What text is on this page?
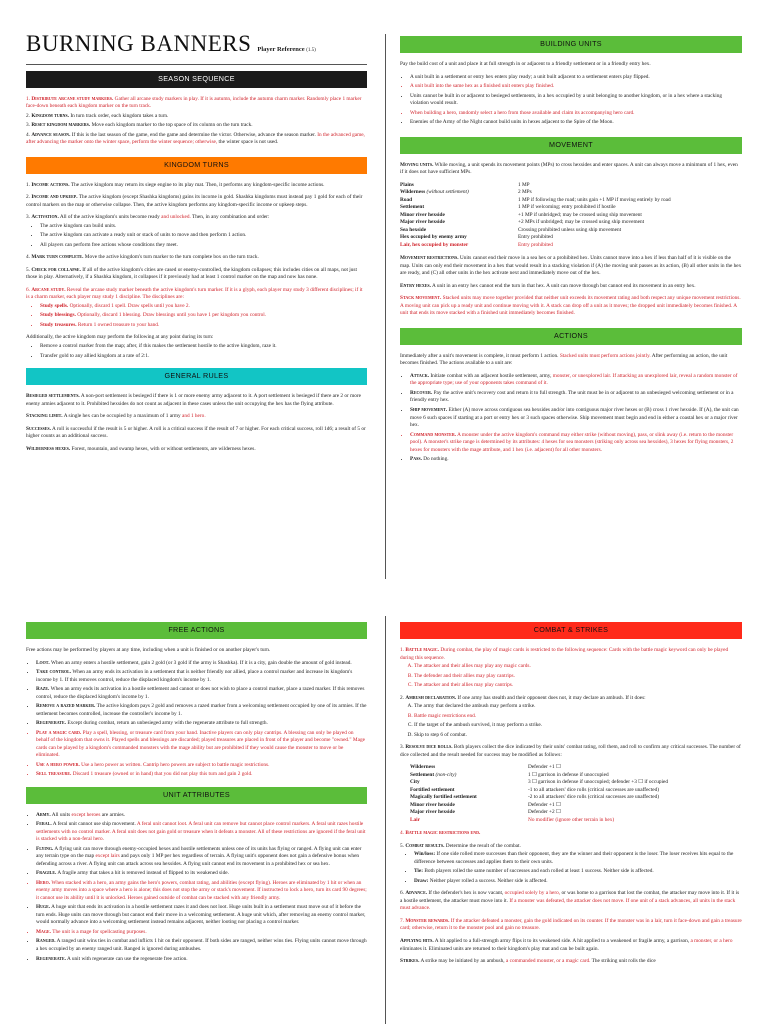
BURNING BANNERS Player Reference (1.5)
SEASON SEQUENCE
1. Distribute arcane study markers. Gather all arcane study markers in play. If it is autumn, include the autumn charm marker. Randomly place 1 marker face-down beneath each kingdom marker on the turn track.
2. Kingdom turns. In turn track order, each kingdom takes a turn.
3. Reset kingdom markers. Move each kingdom marker to the top space of its column on the turn track.
4. Advance season. If this is the last season of the game, end the game and determine the victor. Otherwise, advance the season marker. In the advanced game, after advancing the marker onto the winter space, perform the winter sequence; otherwise, the winter space is not used.
KINGDOM TURNS
1. Income actions. The active kingdom may return its siege engine to its play mat. Then, it performs any kingdom-specific income actions.
2. Income and upkeep. The active kingdom (except Shashka kingdoms) gains its income in gold. Shashka kingdoms must instead pay 1 gold for each of their control markers on the map or otherwise collapse. Then, the active kingdom performs any kingdom-specific income or upkeep steps.
3. Activation. All of the active kingdom's units become ready and unlocked. Then, in any combination and order:
• The active kingdom can build units.
• The active kingdom can activate a ready unit or stack of units to move and then perform 1 action.
• All players can perform free actions whose conditions they meet.
4. Mark turn complete. Move the active kingdom's turn marker to the turn complete box on the turn track.
5. Check for collapse. If all of the active kingdom's cities are cased or enemy-controlled, the kingdom collapses; this includes cities on all maps, not just those in play. Alternatively, if a Shashka kingdom, it collapses if it previously had at least 1 control marker on the map and now has none.
6. Arcane study. Reveal the arcane study marker beneath the active kingdom's turn marker. If it is a glyph, each player may study 3 different disciplines; if it is a charm marker, each player may study 1 discipline. The disciplines are:
• Study spells. Optionally, discard 1 spell. Draw spells until you have 2.
• Study blessings. Optionally, discard 1 blessing. Draw blessings until you have 1 per kingdom you control.
• Study treasures. Return 1 owned treasure to your hand.
Additionally, the active kingdom may perform the following at any point during its turn:
• Remove a control marker from the map; after, if this makes the settlement hostile to the active kingdom, raze it.
• Transfer gold to any allied kingdom at a rate of 2:1.
GENERAL RULES

Besieged settlements. A non-port settlement is besieged if there is 1 or more enemy army adjacent to it. A port settlement is besieged if there are 2 or more enemy armies adjacent to it. Prohibited hexsides do not count as adjacent in these cases unless the unit occupying the hex has the flying attribute.

Stacking limit. A single hex can be occupied by a maximum of 1 army and 1 hero.

Successes. A roll is successful if the result is 5 or higher. A roll is a critical success if the result of 7 or higher. For each critical success, roll 1d6; a result of 5 or higher counts as an additional success.

Wilderness hexes. Forest, mountain, and swamp hexes, with or without settlements, are wilderness hexes.

BUILDING UNITS

Pay the build cost of a unit and place it at full strength in or adjacent to a friendly settlement or in a friendly entry hex.

• A unit built in a settlement or entry hex enters play ready; a unit built adjacent to a settlement enters play flipped.
• A unit built into the same hex as a finished unit enters play finished.
• Units cannot be built in or adjacent to besieged settlements, in a hex occupied by a unit belonging to another kingdom, or in a hex where a stacking violation would result.
• When building a hero, randomly select a hero from those available and claim its accompanying hero card.
• Enemies of the Army of the Night cannot build units in hexes adjacent to the Spire of the Moon.
MOVEMENT

Moving units. While moving, a unit spends its movement points (MPs) to cross hexsides and enter spaces. A unit can always move a minimum of 1 hex, even if it does not have sufficient MPs.

Plains	1 MP
Wilderness (without settlement)	2 MPs
Road	1 MP if following the road; units gain +1 MP if moving entirely by road
Settlement	1 MP if welcoming; entry prohibited if hostile
Minor river hexside	+1 MP if unbridged; may be crossed using ship movement
Major river hexside	+2 MPs if unbridged; may be crossed using ship movement
Sea hexside	Crossing prohibited unless using ship movement
Hex occupied by enemy army	Entry prohibited
Lair, hex occupied by monster	Entry prohibited

Movement restrictions. Units cannot end their move in a sea hex or a prohibited hex. Units cannot move into a hex if less than half of it is visible on the map. Units can only end their movement in a hex that would result in a stacking violation if (A) the moving unit passes as its action, (B) all other units in the hex are ready, and (C) all other units in the hex activate next and immediately move out of the hex.

Entry hexes. A unit in an entry hex cannot end the turn in that hex. A unit can move through but cannot end its movement in an entry hex.

Stack movement. Stacked units may move together provided that neither unit exceeds its movement rating and both respect any unique movement restrictions. A moving unit can pick up a ready unit and continue moving with it. A stack can drop off a unit as it moves; the dropped unit immediately becomes finished. A unit that ends its move stacked with a finished unit immediately becomes finished.

ACTIONS

Immediately after a unit's movement is complete, it must perform 1 action. Stacked units must perform actions jointly. After performing an action, the unit becomes finished. The actions available to a unit are:

• Attack. Initiate combat with an adjacent hostile settlement, army, monster, or unexplored lair. If attacking an unexplored lair, reveal a random monster of the appropriate type; use of your opponents takes command of it.
• Recover. Pay the active unit's recovery cost and return it to full strength. The unit must be in or adjacent to an unbesieged welcoming settlement or in a friendly entry hex.
• Ship movement. Either (A) move across contiguous sea hexsides and/or into contiguous major river hexes or (B) cross 1 river hexside. If (A), the unit can move 6 such spaces if starting at a port or entry hex or 3 such spaces otherwise. Ship movement must begin and end in either a coastal hex or a major river hex.
• Command monster. A monster under the active kingdom's command may either strike (without moving), pass, or slink away (i.e. return to the monster pool). A monster's strike range is determined by its attributes: 4 hexes for sea monsters (striking only across sea hexsides), 3 hexes for flying monsters, 2 hexes for monsters with the mage attribute, and 1 hex (i.e. adjacent) for all other monsters.
• Pass. Do nothing.
FREE ACTIONS

Free actions may be performed by players at any time, including when a unit is finished or on another player's turn.

• Loot. When an army enters a hostile settlement, gain 2 gold (or 3 gold if the army is Shashka). If it is a city, gain double the amount of gold instead.
• Take control. When an army ends its activation in a settlement that is neither friendly nor allied, place a control marker and increase its kingdom's income by 1. If this removes control, reduce the displaced kingdom's income by 1.
• Raze. When an army ends its activation in a hostile settlement and cannot or does not wish to place a control marker, place a razed marker. If this removes control, reduce the displaced kingdom's income by 1.
• Remove a razed marker. The active kingdom pays 2 gold and removes a razed marker from a welcoming settlement occupied by one of its armies. If the settlement becomes controlled, increase the controller's income by 1.
• Regenerate. Except during combat, return an unbesieged army with the regenerate attribute to full strength.
• Play a magic card. Play a spell, blessing, or treasure card from your hand. Inactive players can only play cantrips. A blessing can only be played on behalf of the kingdom that owns it. Played spells and blessings are discarded; played treasures are placed in front of the player and become "owned." Mage cards can be played by a kingdom's commanded monsters with the mage ability but are prohibited if they would cause the monster to move or be eliminated.
• Use a hero power. Use a hero power as written. Cantrip hero powers are subject to battle magic restrictions.
• Sell treasure. Discard 1 treasure (owned or in hand) that you did not play this turn and gain 2 gold.
UNIT ATTRIBUTES
• Army. All units except heroes are armies.
• Feral. A feral unit cannot use ship movement. A feral unit cannot loot. A feral unit can remove but cannot place control markers. A feral unit razes hostile settlements with no control marker. A feral unit does not gain gold or treasure when it defeats a monster. All of these restrictions are ignored if the feral unit is stacked with a non-feral hero.
• Flying. A flying unit can move through enemy-occupied hexes and hostile settlements unless one of its units has flying or ranged. A flying unit can enter any terrain type on the map except lairs and pays only 1 MP per hex regardless of terrain. A flying unit's opponent does not gain a defensive bonus when defending across a river. A flying unit can attack across sea hexsides. A flying unit cannot end its movement in a prohibited hex or sea hex.
• Fragile. A fragile army that takes a hit is removed instead of flipped to its weakened side.
• Hero. When stacked with a hero, an army gains the hero's powers, combat rating, and abilities (except flying). Heroes are eliminated by 1 hit or when an enemy army moves into a space where a hero is alone; this does not stop the army or stack's movement. If instructed to lock a hero, turn its card 90 degrees; it cannot use its ability until it is unlocked. Heroes gained outside of combat can be stacked with any friendly army.
• Huge. A huge unit that ends its activation in a hostile settlement razes it and does not loot. Huge units built in a settlement must move out of it before the turn ends. Huge units can move through but cannot end their move in a welcoming settlement. A huge unit which, after removing an enemy control marker, would normally advance into a welcoming settlement instead remains adjacent, neither looting nor placing a control marker.
• Mage. The unit is a mage for spellcasting purposes.
• Ranged. A ranged unit wins ties in combat and inflicts 1 hit on their opponent. If both sides are ranged, neither wins ties. Flying units cannot move through a hex occupied by an enemy ranged unit. Ranged is ignored during ambushes.
• Regenerate. A unit with regenerate can use the regenerate free action.
COMBAT & STRIKES
1. Battle magic. During combat, the play of magic cards is restricted to the following sequence: Cards with the battle magic keyword can only be played during this sequence.
A. The attacker and their allies may play any magic cards.
B. The defender and their allies may play cantrips.
C. The attacker and their allies may play cantrips.
2. Ambush declaration. If one army has stealth and their opponent does not, it may declare an ambush. If it does:
A. The army that declared the ambush may perform a strike.
B. Battle magic restrictions end.
C. If the target of the ambush survived, it may perform a strike.
D. Skip to step 6 of combat.
3. Resolve dice rolls. Both players collect the dice indicated by their units' combat rating, roll them, and roll to confirm any critical successes. The number of dice collected and the result needed for success may be modified as follows:
Wilderness	Defender +1 ☐
Settlement (non-city)	1 ☐ garrison in defense if unoccupied
City	3 ☐ garrison in defense if unoccupied; defender +3 ☐ if occupied
Fortified settlement	-1 to all attackers' dice rolls (critical successes are unaffected)
Magically fortified settlement	-2 to all attackers' dice rolls (critical successes are unaffected)
Minor river hexside	Defender +1 ☐
Major river hexside	Defender +2 ☐
Lair	No modifier (ignore other terrain in hex)
4. Battle magic restrictions end.
5. Combat results. Determine the result of the combat.
• Win/loss: If one side rolled more successes than their opponent, they are the winner and their opponent is the loser. The loser receives hits equal to the difference between successes and applies them to their own units.
• Tie: Both players rolled the same number of successes and each rolled at least 1 success. Neither side is affected.
• Draw: Neither player rolled a success. Neither side is affected.
6. Advance. If the defender's hex is now vacant, occupied solely by a hero, or was home to a garrison that lost the combat, the attacker may move into it. If it is a hostile settlement, the attacker must move into it. If a monster was defeated, the attacker does not move. If one unit of a stack advances, all units in the stack must advance.
7. Monster rewards. If the attacker defeated a monster, gain the gold indicated on its counter. If the monster was in a lair, turn it face-down and gain a treasure card; otherwise, return it to the monster pool and gain no treasure.

Applying hits. A hit applied to a full-strength army flips it to its weakened side. A hit applied to a weakened or fragile army, a garrison, a monster, or a hero eliminates it. Eliminated units are returned to their kingdom's play mat and can be built again.

Strikes. A strike may be initiated by an ambush, a commanded monster, or a magic card. The striking unit rolls the dice
